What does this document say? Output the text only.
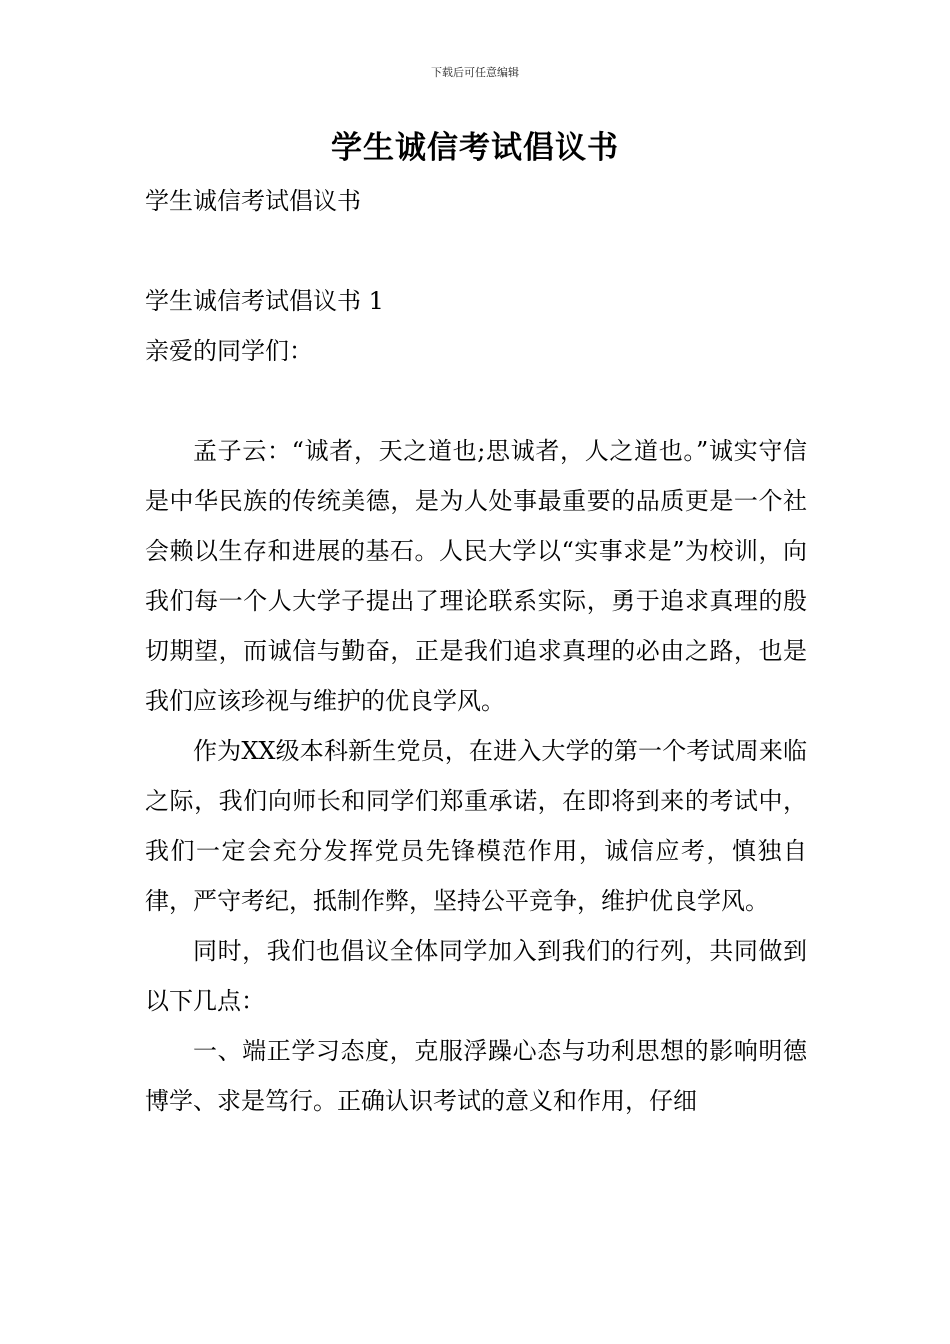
下载后可任意编辑
学生诚信考试倡议书

学生诚信考试倡议书

学生诚信考试倡议书 1

亲爱的同学们：

孟子云：“诚者，天之道也;思诚者，人之道也。”诚实守信是中华民族的传统美德，是为人处事最重要的品质更是一个社会赖以生存和进展的基石。人民大学以“实事求是”为校训，向我们每一个人大学子提出了理论联系实际，勇于追求真理的殷切期望，而诚信与勤奋，正是我们追求真理的必由之路，也是我们应该珍视与维护的优良学风。

作为XX级本科新生党员，在进入大学的第一个考试周来临之际，我们向师长和同学们郑重承诺，在即将到来的考试中，我们一定会充分发挥党员先锋模范作用，诚信应考，慎独自律，严守考纪，抵制作弊，坚持公平竞争，维护优良学风。

同时，我们也倡议全体同学加入到我们的行列，共同做到以下几点：

一、端正学习态度，克服浮躁心态与功利思想的影响明德博学、求是笃行。正确认识考试的意义和作用，仔细
